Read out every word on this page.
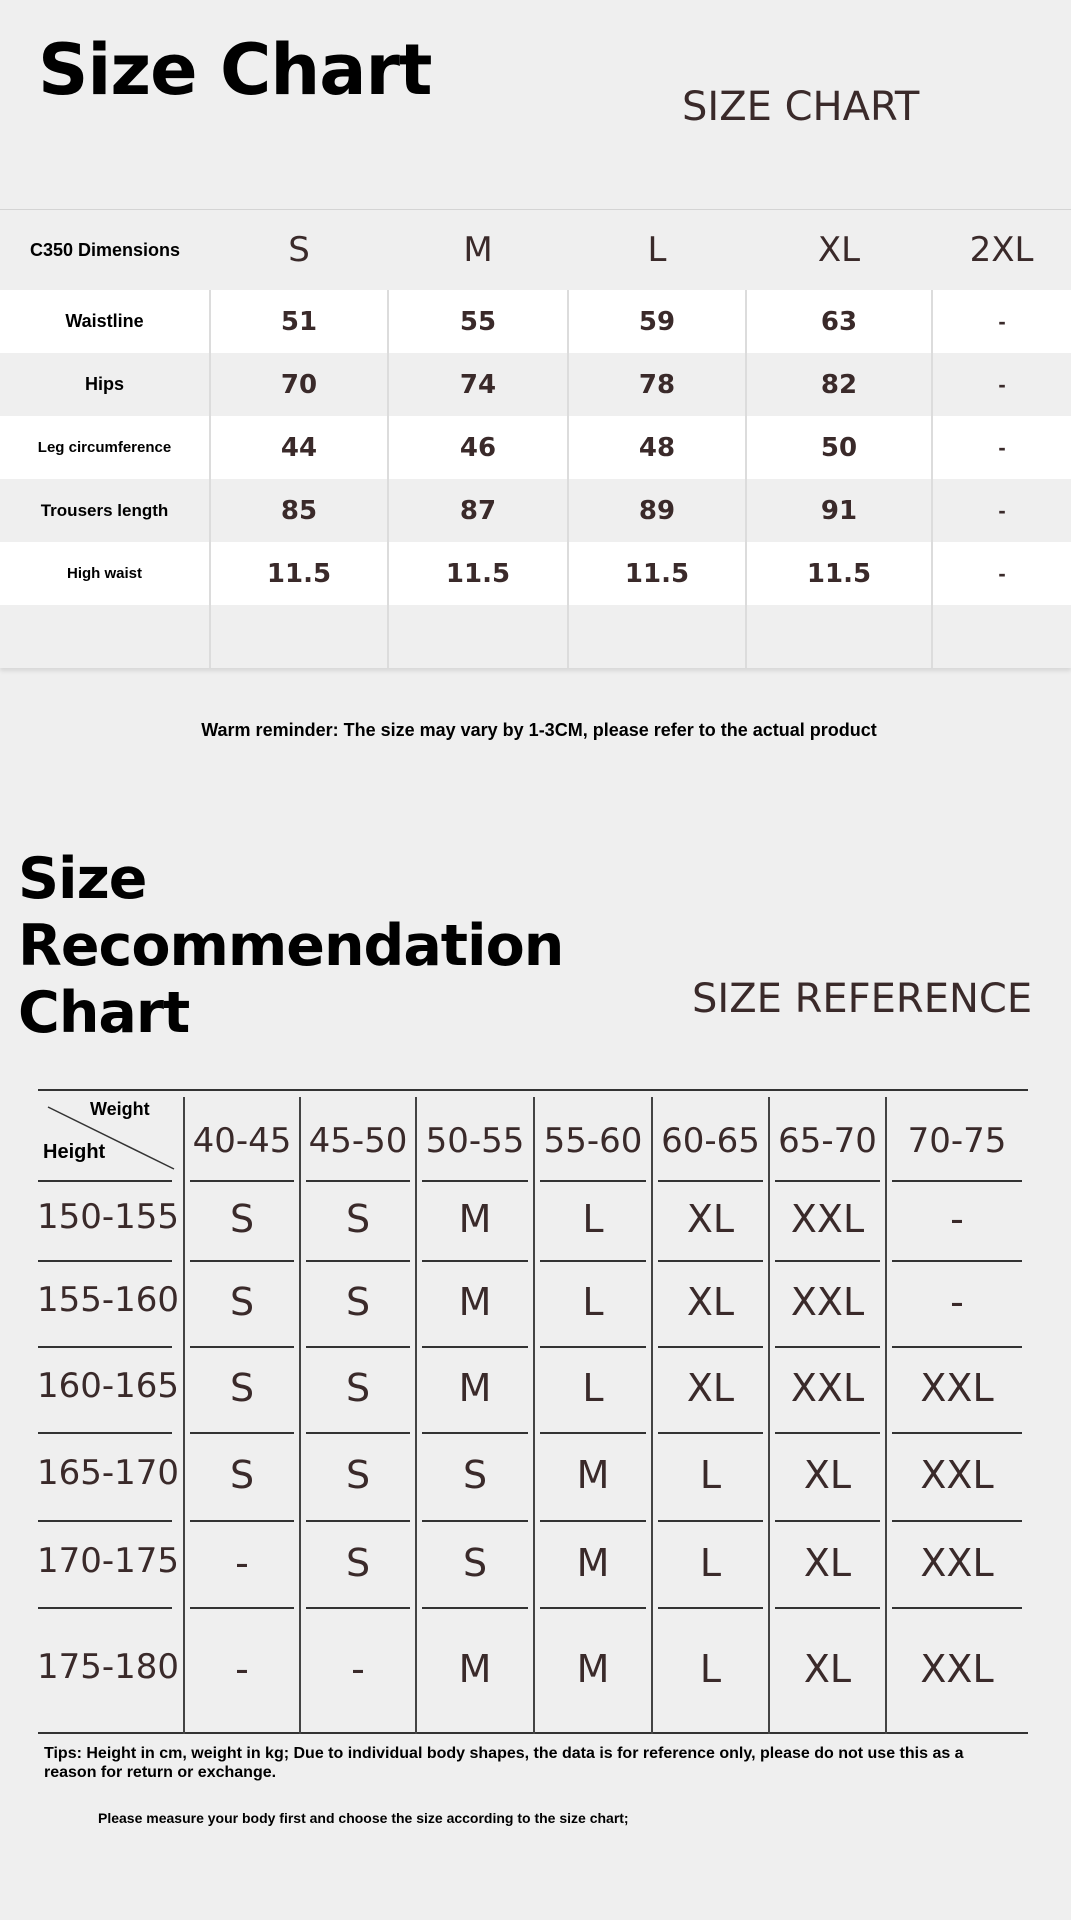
Size Chart	SIZE CHART
C350 Dimensions	S	M	L	XL	2XL
Waistline	51	55	59	63	-
Hips	70	74	78	82	-
Leg circumference	44	46	48	50	-
Trousers length	85	87	89	91	-
High waist	11.5	11.5	11.5	11.5	-

Warm reminder: The size may vary by 1-3CM, please refer to the actual product
Size Recommendation Chart	SIZE REFERENCE
Weight
Height	40-45 45-50 50-55 55-60 60-65 65-70 70-75
150-155 S S M L XL XXL -
155-160 S S M L XL XXL -
160-165 S S M L XL XXL XXL
165-170 S S S M L XL XXL
170-175 -	S S M L XL XXL
175-180 -	- M M L XL XXL
Tips: Height in cm, weight in kg; Due to individual body shapes, the data is for reference only, please do not use this as a reason for return or exchange.
Please measure your body first and choose the size according to the size chart;
